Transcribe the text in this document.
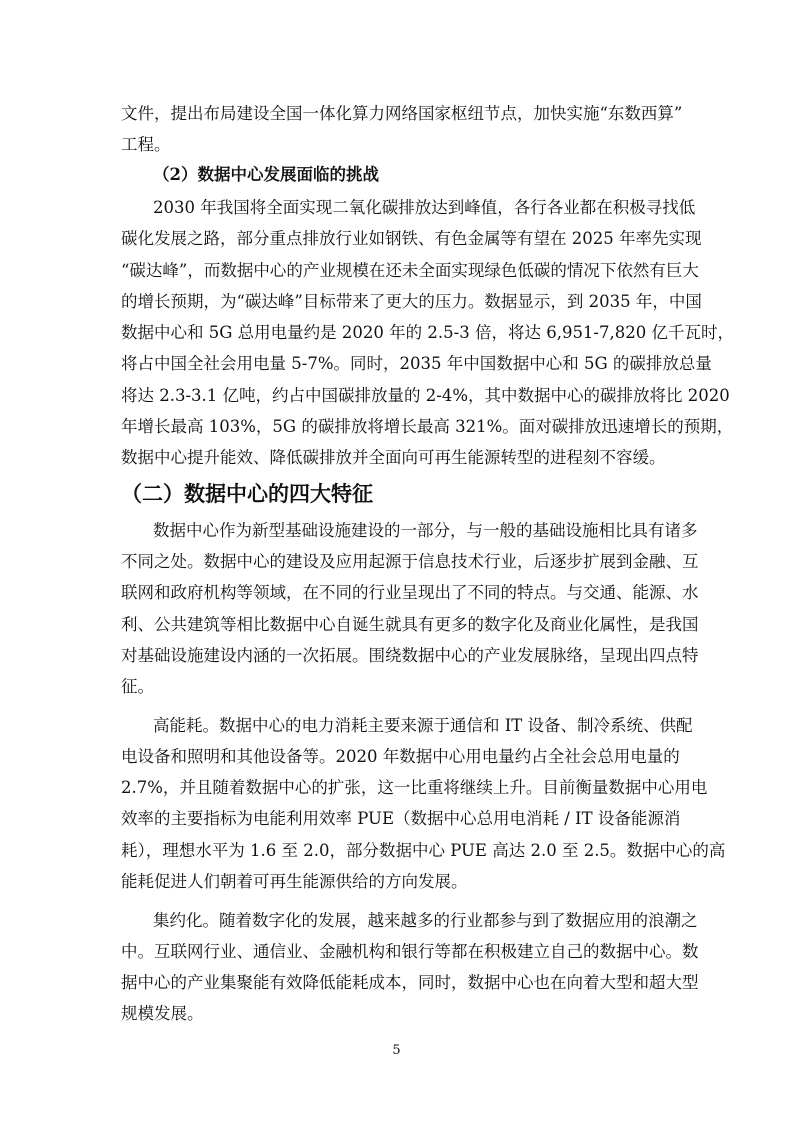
文件，提出布局建设全国一体化算力网络国家枢纽节点，加快实施“东数西算”
工程。
（2）数据中心发展面临的挑战
2030 年我国将全面实现二氧化碳排放达到峰值，各行各业都在积极寻找低
碳化发展之路，部分重点排放行业如钢铁、有色金属等有望在 2025 年率先实现
“碳达峰”，而数据中心的产业规模在还未全面实现绿色低碳的情况下依然有巨大
的增长预期，为“碳达峰”目标带来了更大的压力。数据显示，到 2035 年，中国
数据中心和 5G 总用电量约是 2020 年的 2.5-3 倍，将达 6,951-7,820 亿千瓦时，
将占中国全社会用电量 5-7%。同时，2035 年中国数据中心和 5G 的碳排放总量
将达 2.3-3.1 亿吨，约占中国碳排放量的 2-4%，其中数据中心的碳排放将比 2020
年增长最高 103%，5G 的碳排放将增长最高 321%。面对碳排放迅速增长的预期，
数据中心提升能效、降低碳排放并全面向可再生能源转型的进程刻不容缓。
（二）数据中心的四大特征
数据中心作为新型基础设施建设的一部分，与一般的基础设施相比具有诸多
不同之处。数据中心的建设及应用起源于信息技术行业，后逐步扩展到金融、互
联网和政府机构等领域，在不同的行业呈现出了不同的特点。与交通、能源、水
利、公共建筑等相比数据中心自诞生就具有更多的数字化及商业化属性，是我国
对基础设施建设内涵的一次拓展。围绕数据中心的产业发展脉络，呈现出四点特
征。
高能耗。数据中心的电力消耗主要来源于通信和 IT 设备、制冷系统、供配
电设备和照明和其他设备等。2020 年数据中心用电量约占全社会总用电量的
2.7%，并且随着数据中心的扩张，这一比重将继续上升。目前衡量数据中心用电
效率的主要指标为电能利用效率 PUE（数据中心总用电消耗 / IT 设备能源消
耗），理想水平为 1.6 至 2.0，部分数据中心 PUE 高达 2.0 至 2.5。数据中心的高
能耗促进人们朝着可再生能源供给的方向发展。
集约化。随着数字化的发展，越来越多的行业都参与到了数据应用的浪潮之
中。互联网行业、通信业、金融机构和银行等都在积极建立自己的数据中心。数
据中心的产业集聚能有效降低能耗成本，同时，数据中心也在向着大型和超大型
规模发展。
5
